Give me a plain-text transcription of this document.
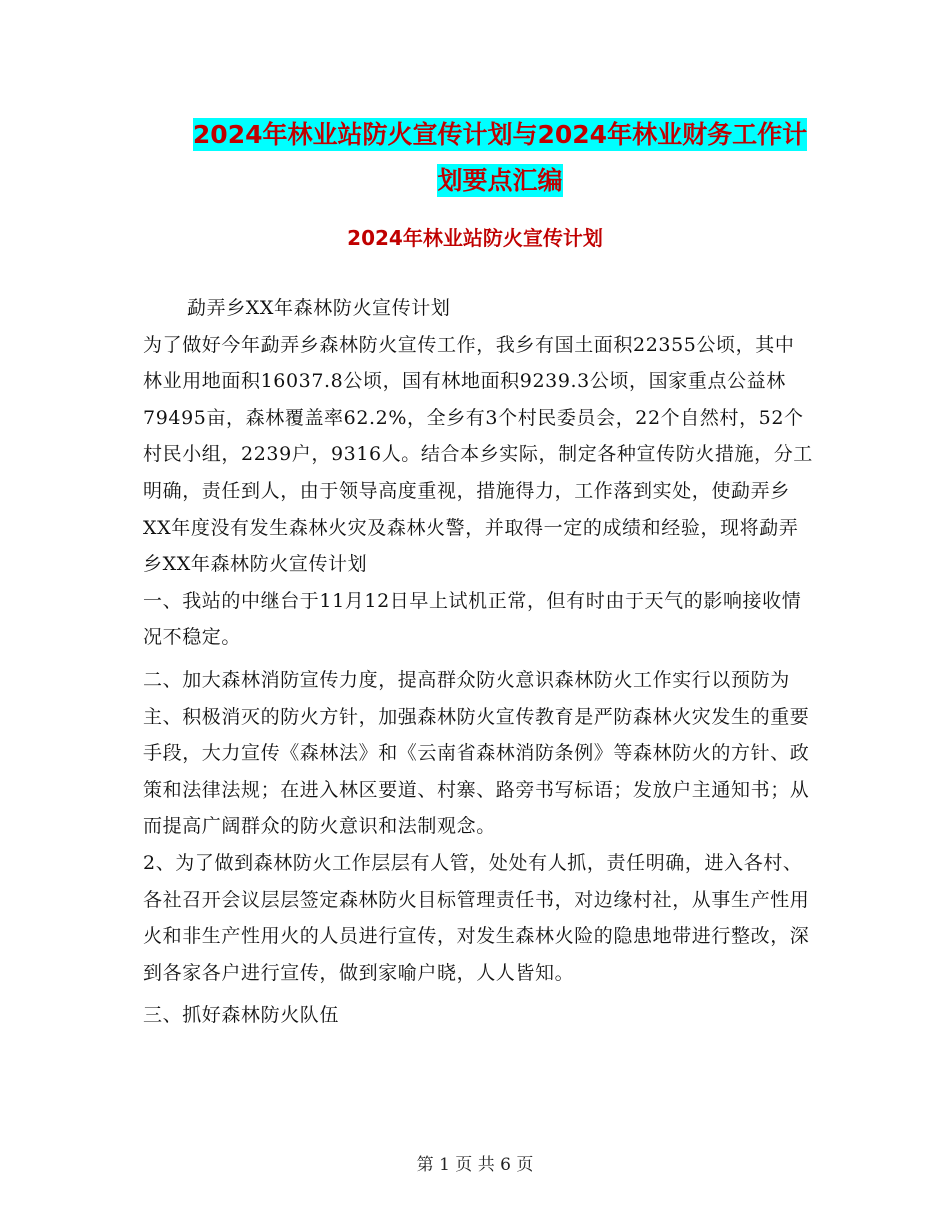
2024年林业站防火宣传计划与2024年林业财务工作计
划要点汇编
2024年林业站防火宣传计划

勐弄乡XX年森林防火宣传计划

为了做好今年勐弄乡森林防火宣传工作，我乡有国土面积22355公顷，其中林业用地面积16037.8公顷，国有林地面积9239.3公顷，国家重点公益林79495亩，森林覆盖率62.2%，全乡有3个村民委员会，22个自然村，52个村民小组，2239户，9316人。结合本乡实际，制定各种宣传防火措施，分工明确，责任到人，由于领导高度重视，措施得力，工作落到实处，使勐弄乡XX年度没有发生森林火灾及森林火警，并取得一定的成绩和经验，现将勐弄乡XX年森林防火宣传计划

一、我站的中继台于11月12日早上试机正常，但有时由于天气的影响接收情况不稳定。

二、加大森林消防宣传力度，提高群众防火意识森林防火工作实行以预防为主、积极消灭的防火方针，加强森林防火宣传教育是严防森林火灾发生的重要手段，大力宣传《森林法》和《云南省森林消防条例》等森林防火的方针、政策和法律法规；在进入林区要道、村寨、路旁书写标语；发放户主通知书；从而提高广阔群众的防火意识和法制观念。

2、为了做到森林防火工作层层有人管，处处有人抓，责任明确，进入各村、各社召开会议层层签定森林防火目标管理责任书，对边缘村社，从事生产性用火和非生产性用火的人员进行宣传，对发生森林火险的隐患地带进行整改，深到各家各户进行宣传，做到家喻户晓，人人皆知。

三、抓好森林防火队伍

第 1 页 共 6 页
